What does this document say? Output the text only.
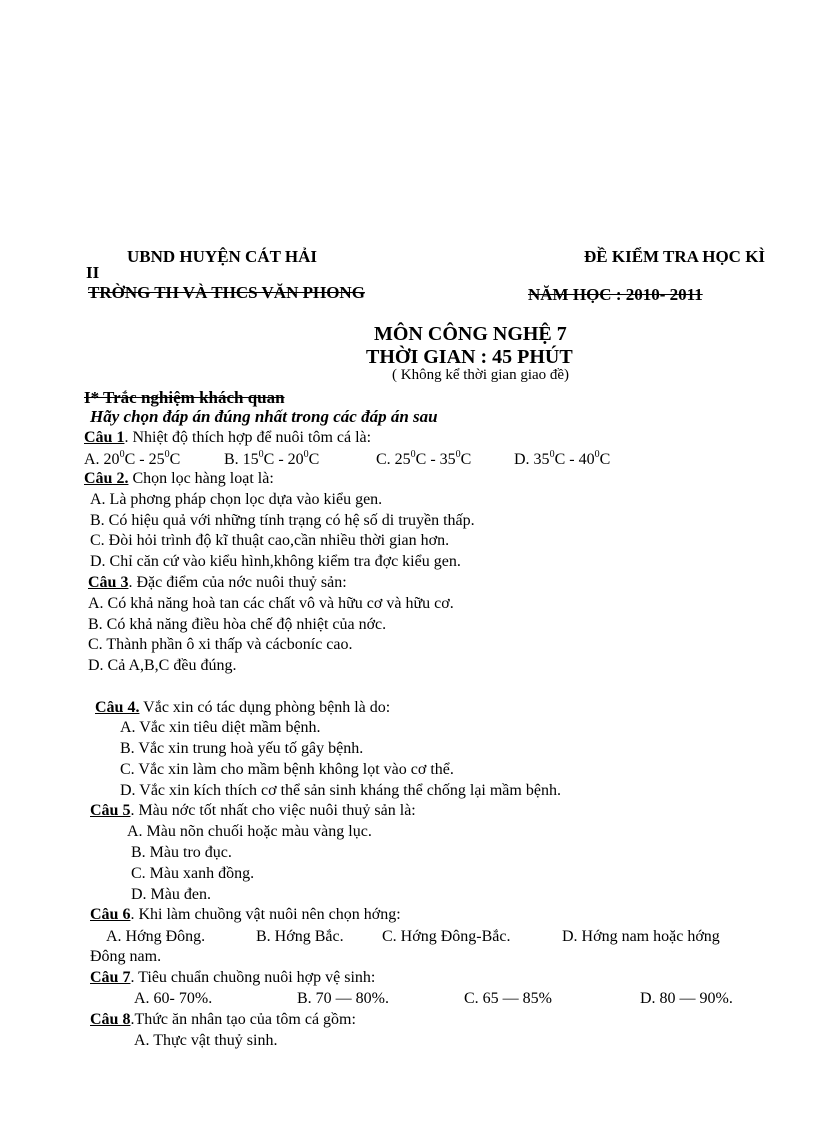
UBND HUYỆN CÁT HẢI	ĐỀ KIỂM TRA HỌC KÌ
II
TRỜNG TH VÀ THCS VĂN PHONG	NĂM HỌC : 2010- 2011
MÔN CÔNG NGHỆ 7
THỜI GIAN : 45 PHÚT
( Không kể thời gian giao đề)
I* Trắc nghiệm khách quan
Hãy chọn đáp án đúng nhất trong các đáp án sau
Câu 1. Nhiệt độ thích hợp để nuôi tôm cá là:
A. $20^0C - 25^0C$	B. $15^0C - 20^0C$	C. $25^0C - 35^0C$	D. $35^0C - 40^0C$
Câu 2. Chọn lọc hàng loạt là:
A. Là phơng pháp chọn lọc dựa vào kiểu gen.
B. Có hiệu quả với những tính trạng có hệ số di truyền thấp.
C. Đòi hỏi trình độ kĩ thuật cao,cần nhiều thời gian hơn.
D. Chỉ căn cứ vào kiểu hình,không kiểm tra đợc kiểu gen.
Câu 3. Đặc điểm của nớc nuôi thuỷ sản:
A. Có khả năng hoà tan các chất vô và hữu cơ và hữu cơ.
B. Có khả năng điều hòa chế độ nhiệt của nớc.
C. Thành phần ô xi thấp và cácboníc cao.
D. Cả A,B,C đều đúng.
Câu 4. Vắc xin có tác dụng phòng bệnh là do:
A. Vắc xin tiêu diệt mầm bệnh.
B. Vắc xin trung hoà yếu tố gây bệnh.
C. Vắc xin làm cho mầm bệnh không lọt vào cơ thể.
D. Vắc xin kích thích cơ thể sản sinh kháng thể chống lại mầm bệnh.
Câu 5. Màu nớc tốt nhất cho việc nuôi thuỷ sản là:
A. Màu nõn chuối hoặc màu vàng lục.
B. Màu tro đục.
C. Màu xanh đồng.
D. Màu đen.
Câu 6. Khi làm chuồng vật nuôi nên chọn hớng:
A. Hớng Đông.	B. Hớng Bắc. C. Hớng Đông-Bắc.	D. Hớng nam hoặc hớng
Đông nam.
Câu 7. Tiêu chuẩn chuồng nuôi hợp vệ sinh:
A. 60- 70%.	B. 70 — 80%.	C. 65 — 85%	D. 80 — 90%.
Câu 8.Thức ăn nhân tạo của tôm cá gồm:
A. Thực vật thuỷ sinh.
